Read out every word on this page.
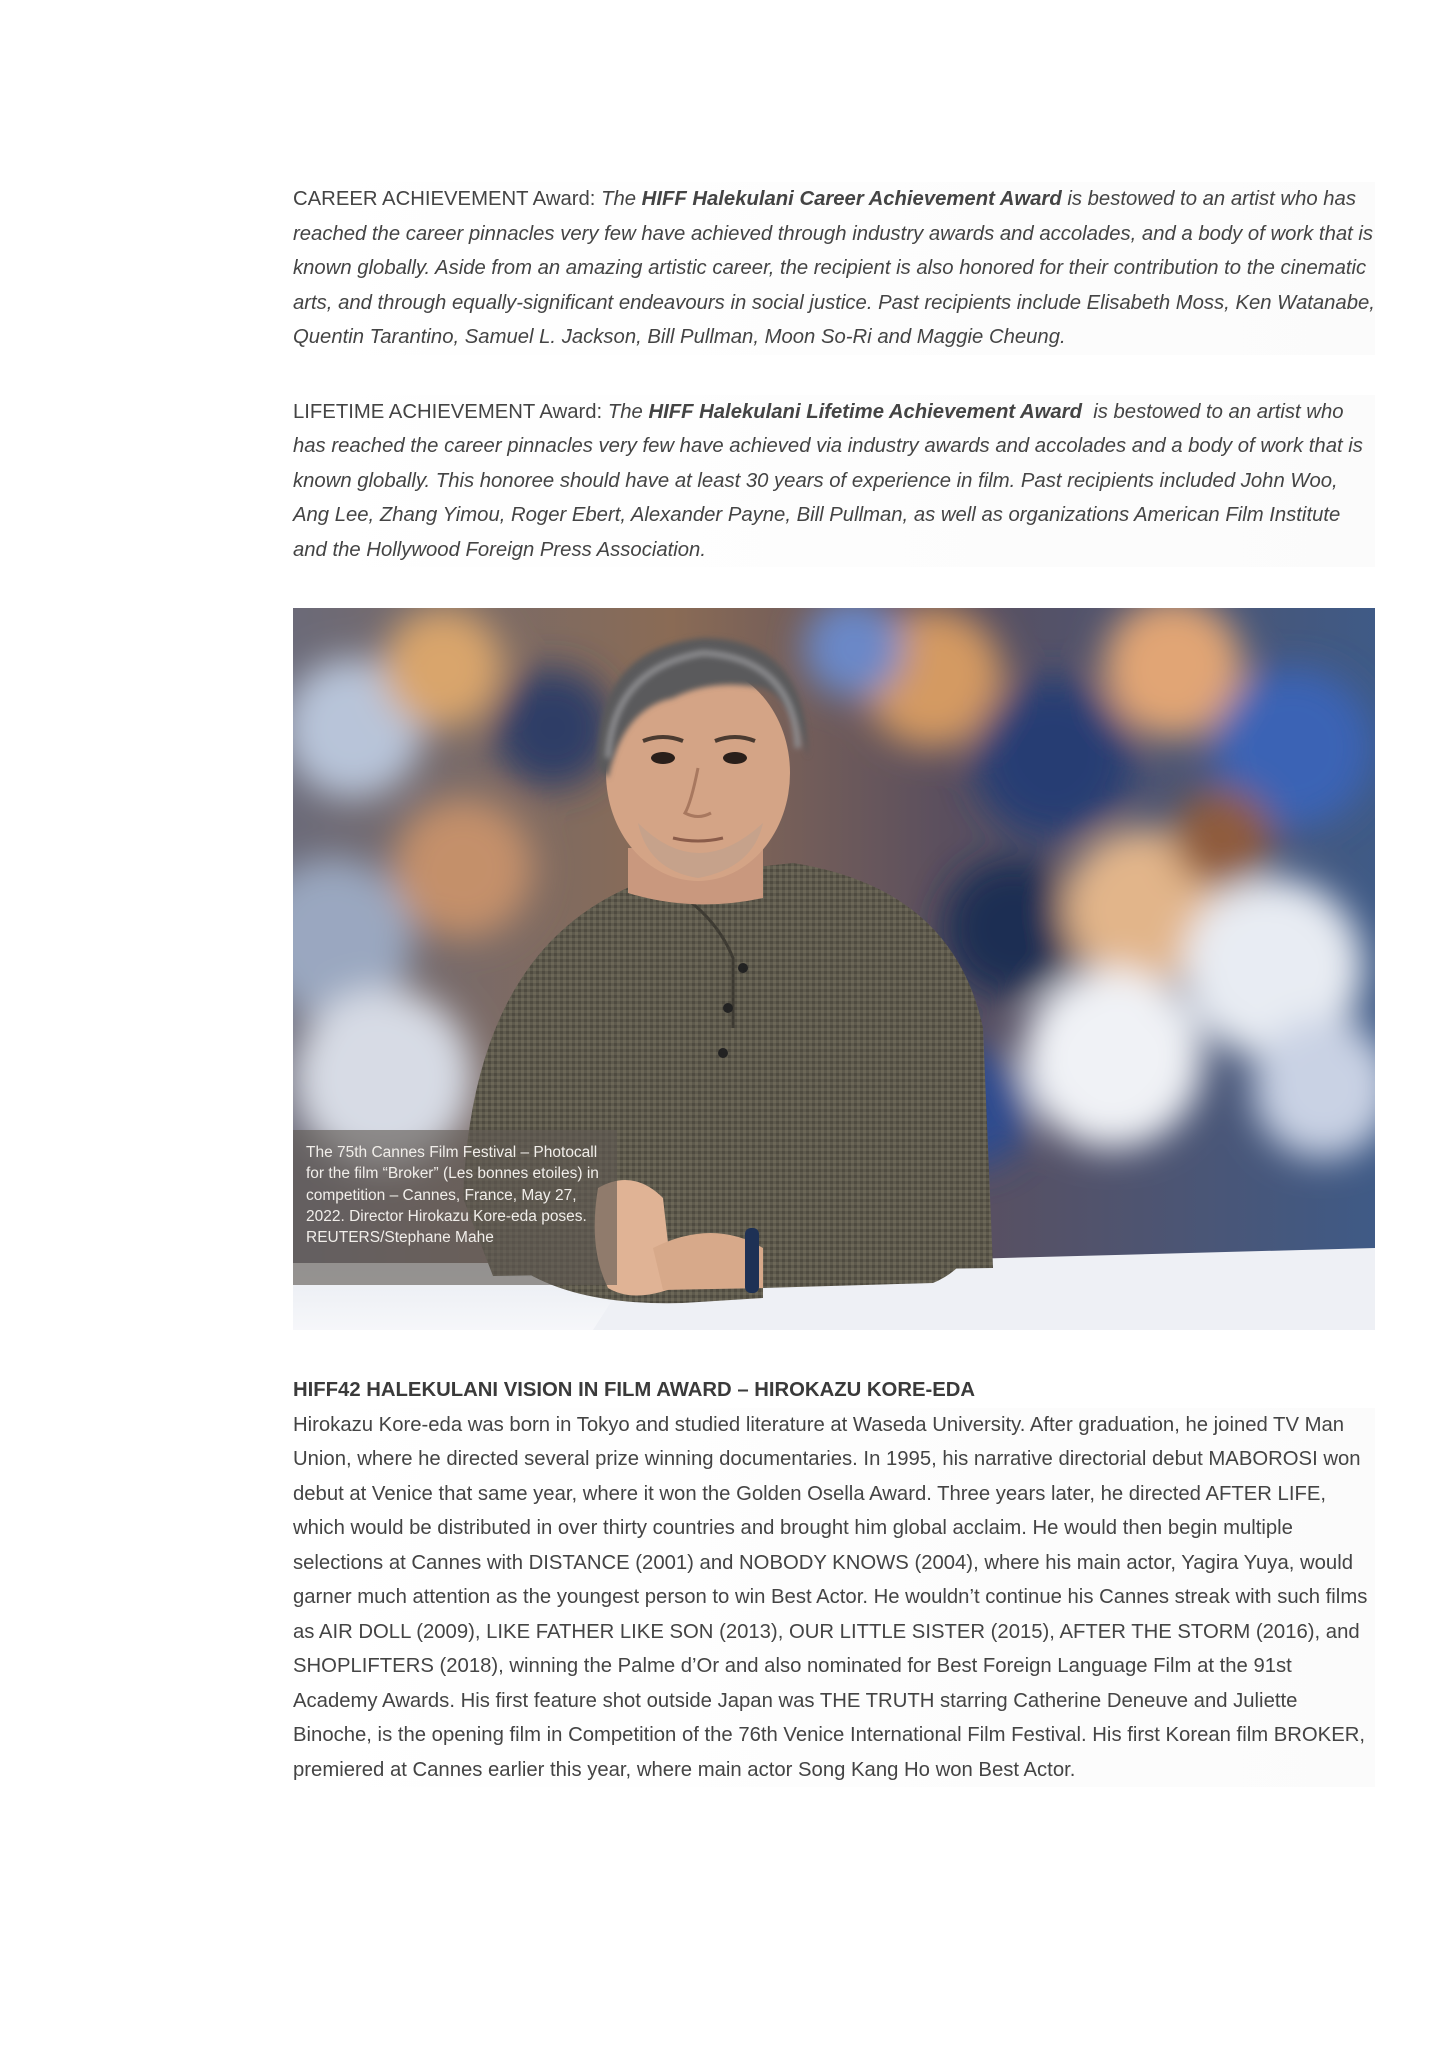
CAREER ACHIEVEMENT Award: The HIFF Halekulani Career Achievement Award is bestowed to an artist who has reached the career pinnacles very few have achieved through industry awards and accolades, and a body of work that is known globally. Aside from an amazing artistic career, the recipient is also honored for their contribution to the cinematic arts, and through equally-significant endeavours in social justice. Past recipients include Elisabeth Moss, Ken Watanabe, Quentin Tarantino, Samuel L. Jackson, Bill Pullman, Moon So-Ri and Maggie Cheung.

LIFETIME ACHIEVEMENT Award: The HIFF Halekulani Lifetime Achievement Award is bestowed to an artist who has reached the career pinnacles very few have achieved via industry awards and accolades and a body of work that is known globally. This honoree should have at least 30 years of experience in film. Past recipients included John Woo, Ang Lee, Zhang Yimou, Roger Ebert, Alexander Payne, Bill Pullman, as well as organizations American Film Institute and the Hollywood Foreign Press Association.

The 75th Cannes Film Festival – Photocall for the film “Broker” (Les bonnes etoiles) in competition – Cannes, France, May 27, 2022. Director Hirokazu Kore-eda poses. REUTERS/Stephane Mahe
HIFF42 HALEKULANI VISION IN FILM AWARD – HIROKAZU KORE-EDA

Hirokazu Kore-eda was born in Tokyo and studied literature at Waseda University. After graduation, he joined TV Man Union, where he directed several prize winning documentaries. In 1995, his narrative directorial debut MABOROSI won debut at Venice that same year, where it won the Golden Osella Award. Three years later, he directed AFTER LIFE, which would be distributed in over thirty countries and brought him global acclaim. He would then begin multiple selections at Cannes with DISTANCE (2001) and NOBODY KNOWS (2004), where his main actor, Yagira Yuya, would garner much attention as the youngest person to win Best Actor. He wouldn’t continue his Cannes streak with such films as AIR DOLL (2009), LIKE FATHER LIKE SON (2013), OUR LITTLE SISTER (2015), AFTER THE STORM (2016), and SHOPLIFTERS (2018), winning the Palme d’Or and also nominated for Best Foreign Language Film at the 91st Academy Awards. His first feature shot outside Japan was THE TRUTH starring Catherine Deneuve and Juliette Binoche, is the opening film in Competition of the 76th Venice International Film Festival. His first Korean film BROKER, premiered at Cannes earlier this year, where main actor Song Kang Ho won Best Actor.
